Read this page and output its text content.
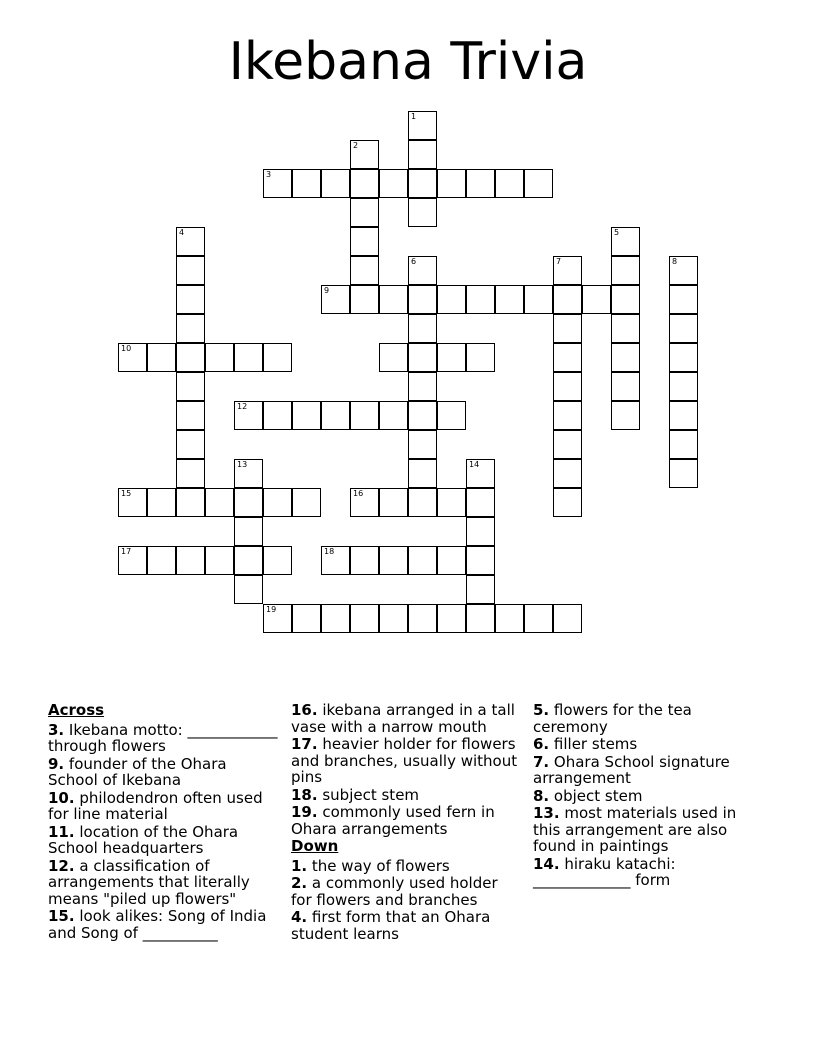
Ikebana Trivia
1
2
3
4	5
6	7	8
9
10
12
13	14
15	16
17	18
19
Across
3. Ikebana motto: ____________ through flowers
9. founder of the Ohara School of Ikebana
10. philodendron often used for line material
11. location of the Ohara School headquarters
12. a classification of arrangements that literally means "piled up flowers"
15. look alikes: Song of India and Song of __________
16. ikebana arranged in a tall vase with a narrow mouth
17. heavier holder for flowers and branches, usually without pins
18. subject stem
19. commonly used fern in Ohara arrangements
Down
1. the way of flowers
2. a commonly used holder for flowers and branches
4. first form that an Ohara student learns
5. flowers for the tea ceremony
6. filler stems
7. Ohara School signature arrangement
8. object stem
13. most materials used in this arrangement are also found in paintings
14. hiraku katachi: _____________ form
